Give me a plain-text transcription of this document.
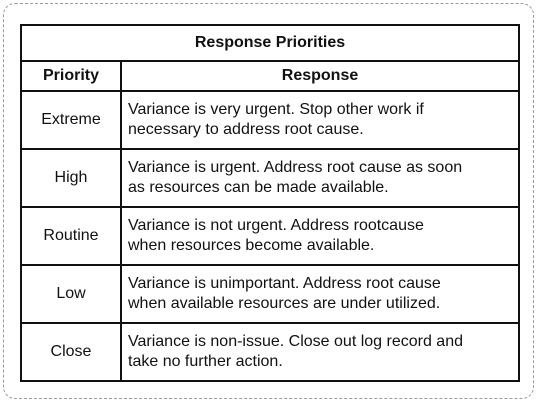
Response Priorities	
Priority	Response
Extreme	Variance is very urgent. Stop other work if
necessary to address root cause.
High	Variance is urgent. Address root cause as soon
as resources can be made available.
Routine	Variance is not urgent. Address rootcause
when resources become available.
Low	Variance is unimportant. Address root cause
when available resources are under utilized.
Close	Variance is non-issue. Close out log record and
take no further action.
